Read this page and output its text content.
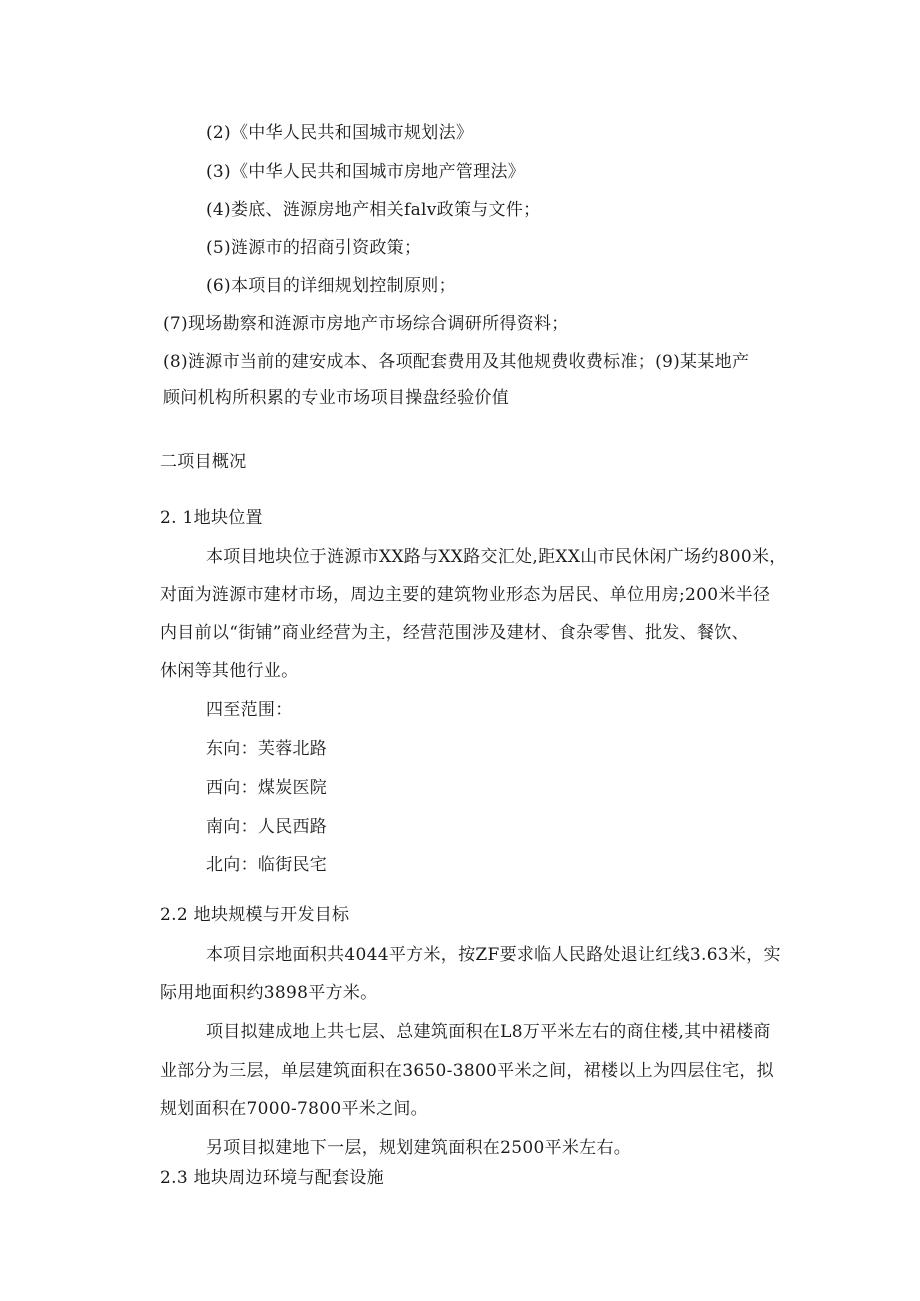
(2)《中华人民共和国城市规划法》
(3)《中华人民共和国城市房地产管理法》
(4)娄底、涟源房地产相关falv政策与文件；
(5)涟源市的招商引资政策；
(6)本项目的详细规划控制原则；
(7)现场勘察和涟源市房地产市场综合调研所得资料；
(8)涟源市当前的建安成本、各项配套费用及其他规费收费标准；(9)某某地产
顾问机构所积累的专业市场项目操盘经验价值
二项目概况
2. 1地块位置
本项目地块位于涟源市XX路与XX路交汇处,距XX山市民休闲广场约800米，
对面为涟源市建材市场，周边主要的建筑物业形态为居民、单位用房;200米半径
内目前以“街铺”商业经营为主，经营范围涉及建材、食杂零售、批发、餐饮、
休闲等其他行业。
四至范围：
东向：芙蓉北路
西向：煤炭医院
南向：人民西路
北向：临街民宅
2.2 地块规模与开发目标
本项目宗地面积共4044平方米，按ZF要求临人民路处退让红线3.63米，实
际用地面积约3898平方米。
项目拟建成地上共七层、总建筑面积在L8万平米左右的商住楼,其中裙楼商
业部分为三层，单层建筑面积在3650-3800平米之间，裙楼以上为四层住宅，拟
规划面积在7000-7800平米之间。
另项目拟建地下一层，规划建筑面积在2500平米左右。
2.3 地块周边环境与配套设施
